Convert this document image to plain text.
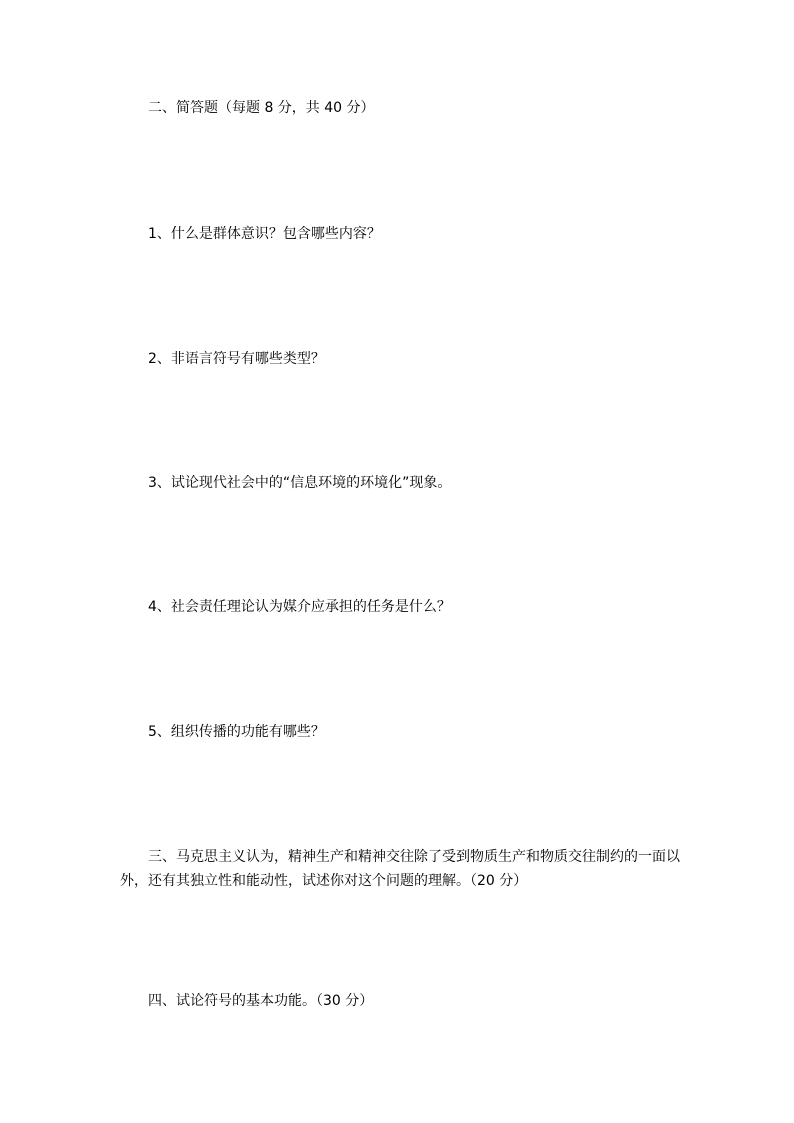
二、简答题（每题 8 分，共 40 分）
1、什么是群体意识？包含哪些内容？
2、非语言符号有哪些类型？
3、试论现代社会中的“信息环境的环境化”现象。
4、社会责任理论认为媒介应承担的任务是什么？
5、组织传播的功能有哪些？
三、马克思主义认为，精神生产和精神交往除了受到物质生产和物质交往制约的一面以外，还有其独立性和能动性，试述你对这个问题的理解。（20 分）
四、试论符号的基本功能。（30 分）
